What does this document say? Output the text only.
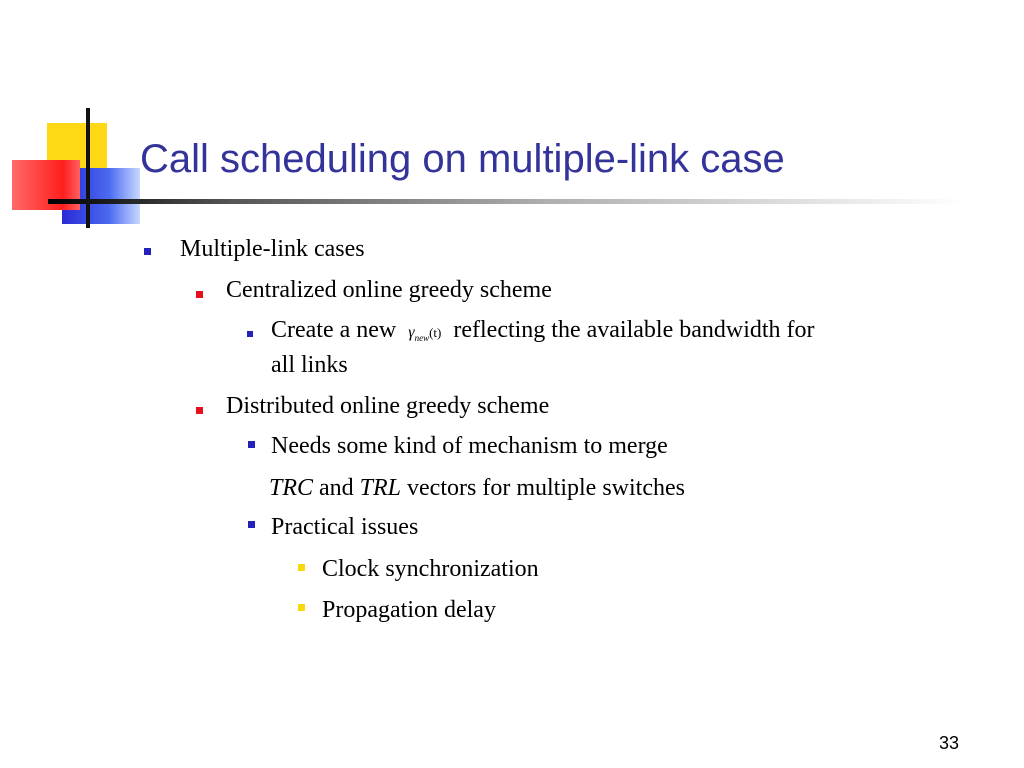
Call scheduling on multiple-link case
Multiple-link cases
Centralized online greedy scheme
Create a new $\gamma_{new}(t)$ reflecting the available bandwidth for
all links
Distributed online greedy scheme
Needs some kind of mechanism to merge
TRC and TRL vectors for multiple switches
Practical issues
Clock synchronization
Propagation delay
33
